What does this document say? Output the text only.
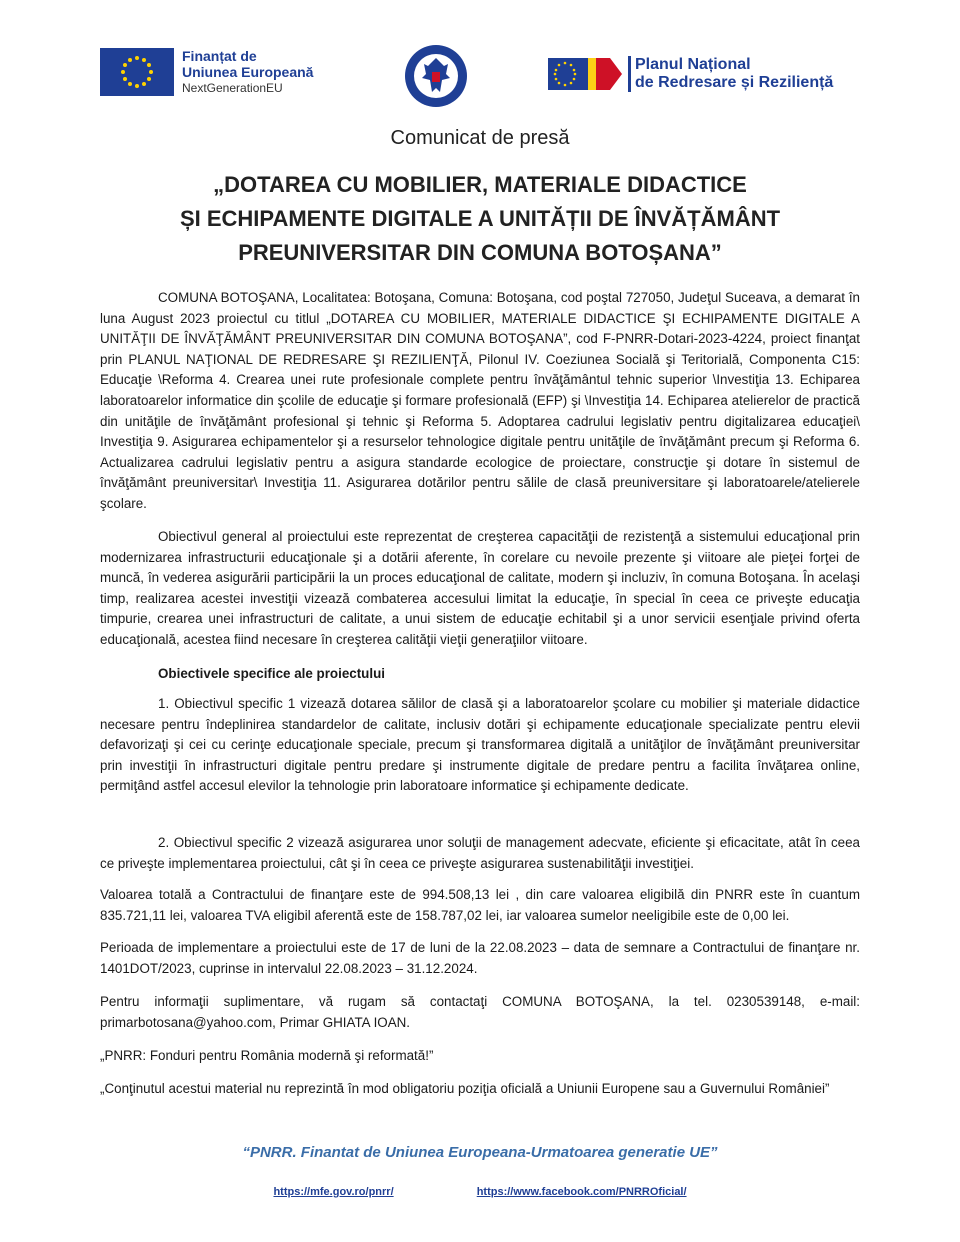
Finanțat de
Uniunea Europeană
NextGenerationEU
Planul Național
de Redresare și Reziliență
Comunicat de presă
„DOTAREA CU MOBILIER, MATERIALE DIDACTICE
ȘI ECHIPAMENTE DIGITALE A UNITĂȚII DE ÎNVĂȚĂMÂNT
PREUNIVERSITAR DIN COMUNA BOTOȘANA”
COMUNA BOTOŞANA, Localitatea: Botoşana, Comuna: Botoşana, cod poştal 727050, Judeţul Suceava, a demarat în luna August 2023 proiectul cu titlul „DOTAREA CU MOBILIER, MATERIALE DIDACTICE ŞI ECHIPAMENTE DIGITALE A UNITĂŢII DE ÎNVĂŢĂMÂNT PREUNIVERSITAR DIN COMUNA BOTOŞANA”, cod F-PNRR-Dotari-2023-4224, proiect finanţat prin PLANUL NAŢIONAL DE REDRESARE ŞI REZILIENŢĂ, Pilonul IV. Coeziunea Socială şi Teritorială, Componenta C15: Educaţie \Reforma 4. Crearea unei rute profesionale complete pentru învăţământul tehnic superior \Investiţia 13. Echiparea laboratoarelor informatice din şcolile de educaţie şi formare profesională (EFP) şi \Investiţia 14. Echiparea atelierelor de practică din unităţile de învăţământ profesional şi tehnic şi Reforma 5. Adoptarea cadrului legislativ pentru digitalizarea educaţiei\ Investiţia 9. Asigurarea echipamentelor şi a resurselor tehnologice digitale pentru unităţile de învăţământ precum şi Reforma 6. Actualizarea cadrului legislativ pentru a asigura standarde ecologice de proiectare, construcţie şi dotare în sistemul de învăţământ preuniversitar\ Investiţia 11. Asigurarea dotărilor pentru sălile de clasă preuniversitare şi laboratoarele/atelierele şcolare.
Obiectivul general al proiectului este reprezentat de creşterea capacităţii de rezistenţă a sistemului educaţional prin modernizarea infrastructurii educaţionale şi a dotării aferente, în corelare cu nevoile prezente şi viitoare ale pieţei forţei de muncă, în vederea asigurării participării la un proces educaţional de calitate, modern şi incluziv, în comuna Botoşana. În acelaşi timp, realizarea acestei investiţii vizează combaterea accesului limitat la educaţie, în special în ceea ce priveşte educaţia timpurie, crearea unei infrastructuri de calitate, a unui sistem de educaţie echitabil şi a unor servicii esenţiale privind oferta educaţională, acestea fiind necesare în creşterea calităţii vieţii generaţiilor viitoare.
Obiectivele specifice ale proiectului
1. Obiectivul specific 1 vizează dotarea sălilor de clasă şi a laboratoarelor şcolare cu mobilier şi materiale didactice necesare pentru îndeplinirea standardelor de calitate, inclusiv dotări şi echipamente educaţionale specializate pentru elevii defavorizaţi şi cei cu cerinţe educaţionale speciale, precum şi transformarea digitală a unităţilor de învăţământ preuniversitar prin investiţii în infrastructuri digitale pentru predare şi instrumente digitale de predare pentru a facilita învăţarea online, permiţând astfel accesul elevilor la tehnologie prin laboratoare informatice şi echipamente dedicate.
2. Obiectivul specific 2 vizează asigurarea unor soluţii de management adecvate, eficiente şi eficacitate, atât în ceea ce priveşte implementarea proiectului, cât şi în ceea ce priveşte asigurarea sustenabilităţii investiţiei.
Valoarea totală a Contractului de finanţare este de 994.508,13 lei , din care valoarea eligibilă din PNRR este în cuantum 835.721,11 lei, valoarea TVA eligibil aferentă este de 158.787,02 lei, iar valoarea sumelor neeligibile este de 0,00 lei.
Perioada de implementare a proiectului este de 17 de luni de la 22.08.2023 – data de semnare a Contractului de finanţare nr. 1401DOT/2023, cuprinse in intervalul 22.08.2023 – 31.12.2024.
Pentru informaţii suplimentare, vă rugam să contactaţi COMUNA BOTOŞANA, la tel. 0230539148, e-mail: primarbotosana@yahoo.com, Primar GHIATA IOAN.
„PNRR: Fonduri pentru România modernă şi reformată!”
„Conţinutul acestui material nu reprezintă în mod obligatoriu poziţia oficială a Uniunii Europene sau a Guvernului României”
“PNRR. Finantat de Uniunea Europeana-Urmatoarea generatie UE”
https://mfe.gov.ro/pnrr/	https://www.facebook.com/PNRROficial/
